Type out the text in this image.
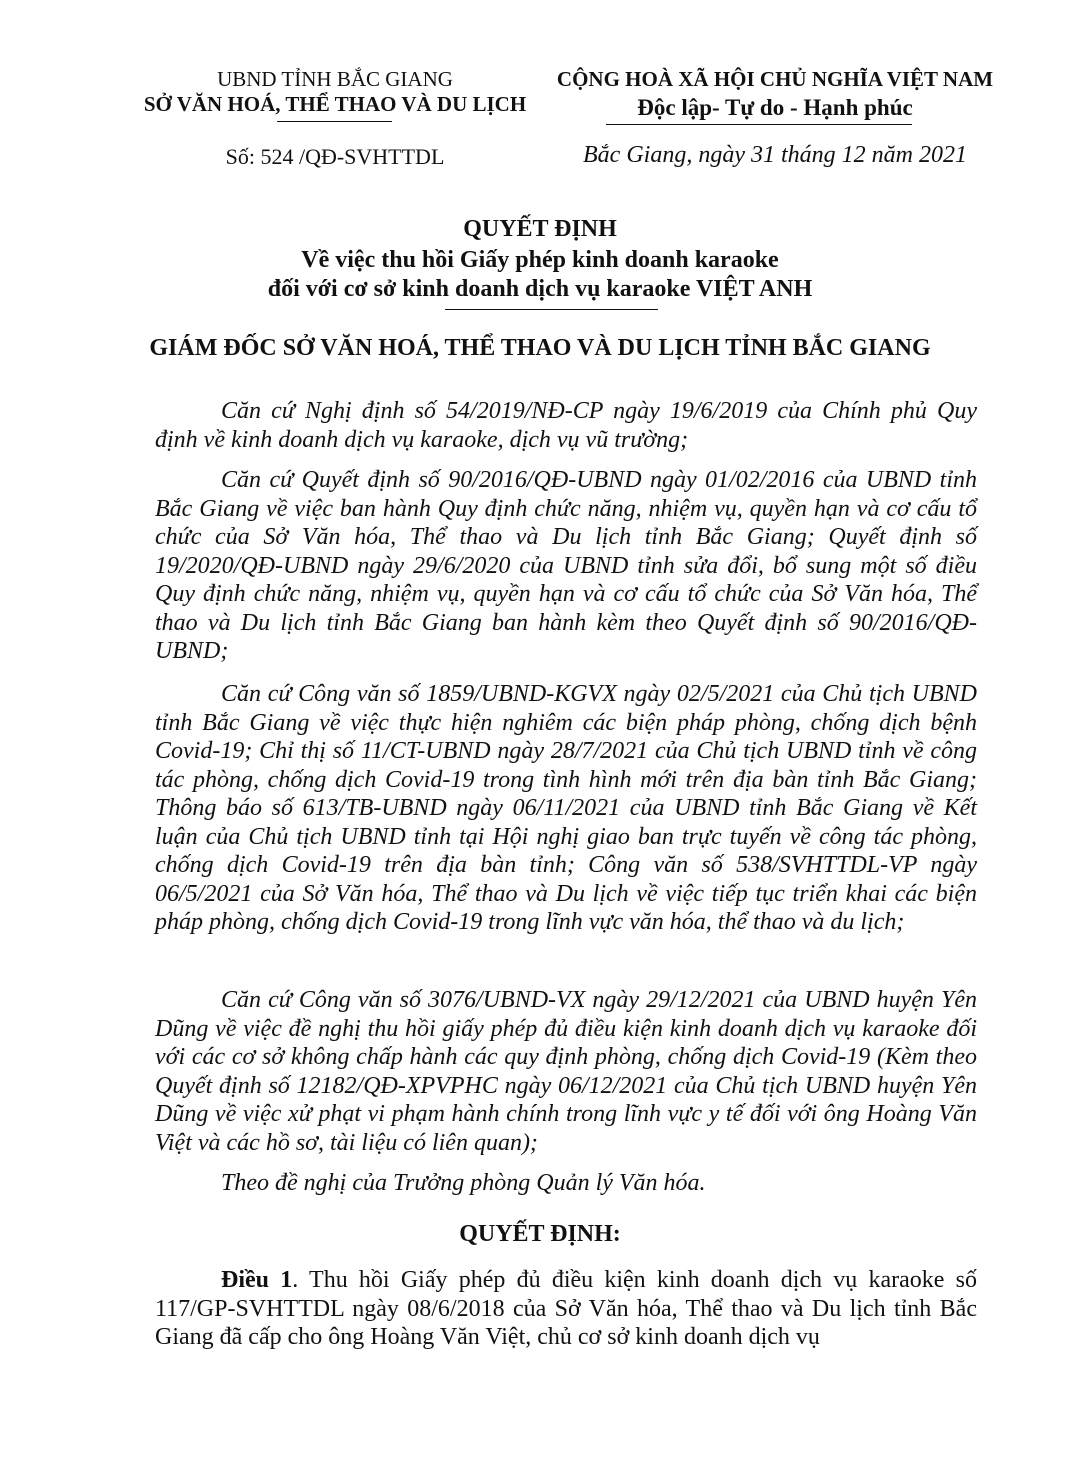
UBND TỈNH BẮC GIANG
SỞ VĂN HOÁ, THỂ THAO VÀ DU LỊCH
Số: 524 /QĐ-SVHTTDL
CỘNG HOÀ XÃ HỘI CHỦ NGHĨA VIỆT NAM
Độc lập- Tự do - Hạnh phúc
Bắc Giang, ngày 31 tháng 12 năm 2021
QUYẾT ĐỊNH
Về việc thu hồi Giấy phép kinh doanh karaoke
đối với cơ sở kinh doanh dịch vụ karaoke VIỆT ANH
GIÁM ĐỐC SỞ VĂN HOÁ, THỂ THAO VÀ DU LỊCH TỈNH BẮC GIANG
Căn cứ Nghị định số 54/2019/NĐ-CP ngày 19/6/2019 của Chính phủ Quy định về kinh doanh dịch vụ karaoke, dịch vụ vũ trường;
Căn cứ Quyết định số 90/2016/QĐ-UBND ngày 01/02/2016 của UBND tỉnh Bắc Giang về việc ban hành Quy định chức năng, nhiệm vụ, quyền hạn và cơ cấu tổ chức của Sở Văn hóa, Thể thao và Du lịch tỉnh Bắc Giang; Quyết định số 19/2020/QĐ-UBND ngày 29/6/2020 của UBND tỉnh sửa đổi, bổ sung một số điều Quy định chức năng, nhiệm vụ, quyền hạn và cơ cấu tổ chức của Sở Văn hóa, Thể thao và Du lịch tỉnh Bắc Giang ban hành kèm theo Quyết định số 90/2016/QĐ-UBND;
Căn cứ Công văn số 1859/UBND-KGVX ngày 02/5/2021 của Chủ tịch UBND tỉnh Bắc Giang về việc thực hiện nghiêm các biện pháp phòng, chống dịch bệnh Covid-19; Chỉ thị số 11/CT-UBND ngày 28/7/2021 của Chủ tịch UBND tỉnh về công tác phòng, chống dịch Covid-19 trong tình hình mới trên địa bàn tỉnh Bắc Giang; Thông báo số 613/TB-UBND ngày 06/11/2021 của UBND tỉnh Bắc Giang về Kết luận của Chủ tịch UBND tỉnh tại Hội nghị giao ban trực tuyến về công tác phòng, chống dịch Covid-19 trên địa bàn tỉnh; Công văn số 538/SVHTTDL-VP ngày 06/5/2021 của Sở Văn hóa, Thể thao và Du lịch về việc tiếp tục triển khai các biện pháp phòng, chống dịch Covid-19 trong lĩnh vực văn hóa, thể thao và du lịch;
Căn cứ Công văn số 3076/UBND-VX ngày 29/12/2021 của UBND huyện Yên Dũng về việc đề nghị thu hồi giấy phép đủ điều kiện kinh doanh dịch vụ karaoke đối với các cơ sở không chấp hành các quy định phòng, chống dịch Covid-19 (Kèm theo Quyết định số 12182/QĐ-XPVPHC ngày 06/12/2021 của Chủ tịch UBND huyện Yên Dũng về việc xử phạt vi phạm hành chính trong lĩnh vực y tế đối với ông Hoàng Văn Việt và các hồ sơ, tài liệu có liên quan);
Theo đề nghị của Trưởng phòng Quản lý Văn hóa.
QUYẾT ĐỊNH:
Điều 1. Thu hồi Giấy phép đủ điều kiện kinh doanh dịch vụ karaoke số 117/GP-SVHTTDL ngày 08/6/2018 của Sở Văn hóa, Thể thao và Du lịch tỉnh Bắc Giang đã cấp cho ông Hoàng Văn Việt, chủ cơ sở kinh doanh dịch vụ
